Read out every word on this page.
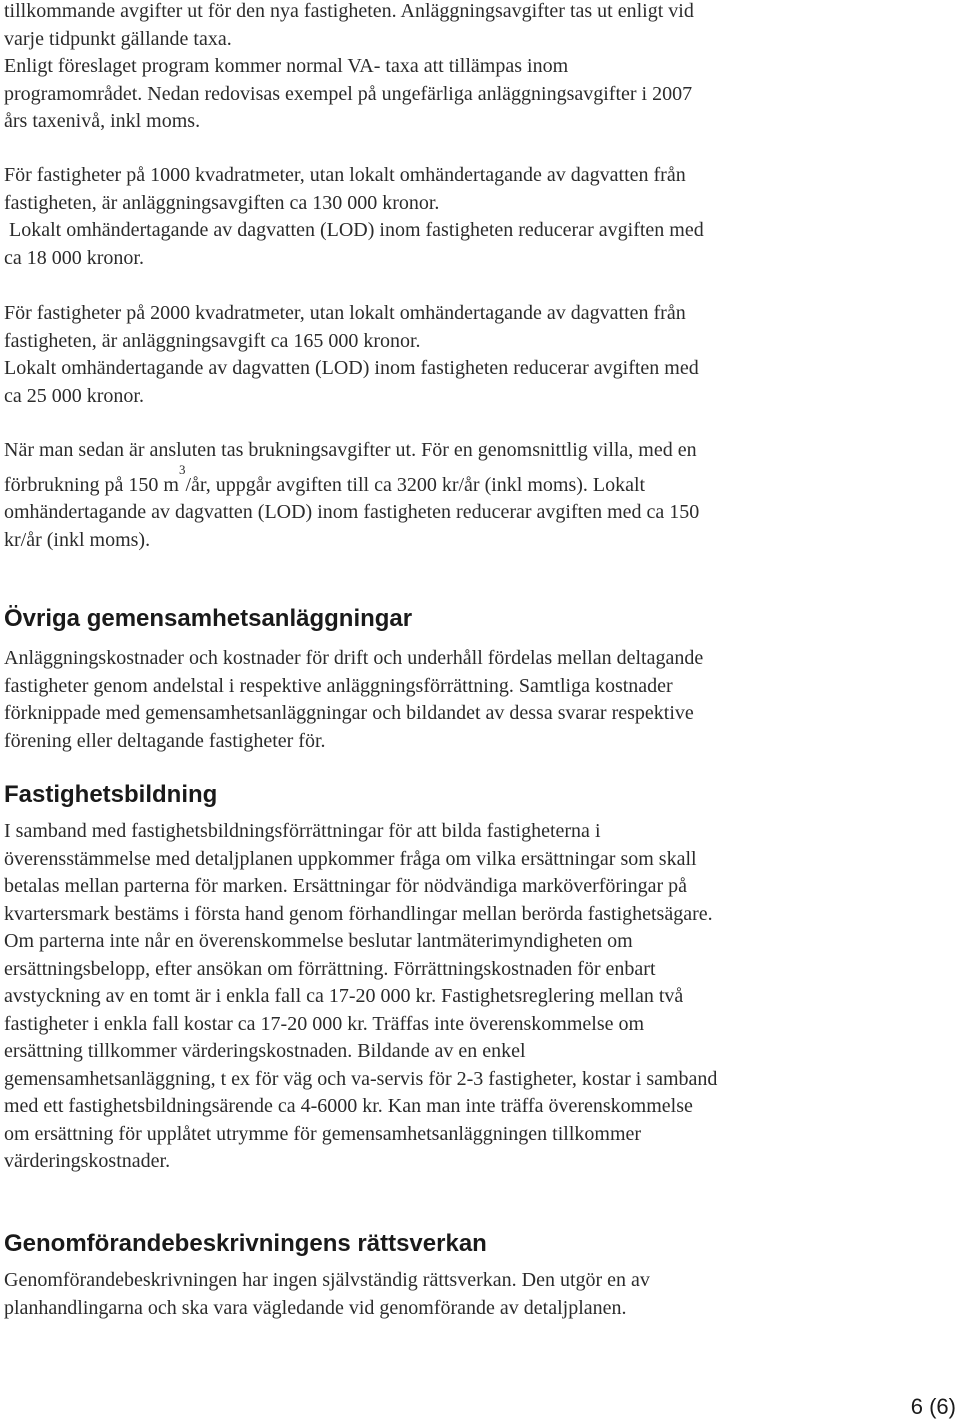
tillkommande avgifter ut för den nya fastigheten. Anläggningsavgifter tas ut enligt vid
varje tidpunkt gällande taxa.
Enligt föreslaget program kommer normal VA- taxa att tillämpas inom
programområdet. Nedan redovisas exempel på ungefärliga anläggningsavgifter i 2007
års taxenivå, inkl moms.
För fastigheter på 1000 kvadratmeter, utan lokalt omhändertagande av dagvatten från
fastigheten, är anläggningsavgiften ca 130 000 kronor.
Lokalt omhändertagande av dagvatten (LOD) inom fastigheten reducerar avgiften med
ca 18 000 kronor.
För fastigheter på 2000 kvadratmeter, utan lokalt omhändertagande av dagvatten från
fastigheten, är anläggningsavgift ca 165 000 kronor.
Lokalt omhändertagande av dagvatten (LOD) inom fastigheten reducerar avgiften med
ca 25 000 kronor.
När man sedan är ansluten tas brukningsavgifter ut. För en genomsnittlig villa, med en
förbrukning på 150 $m^3/år$, uppgår avgiften till ca 3200 kr/år (inkl moms). Lokalt
omhändertagande av dagvatten (LOD) inom fastigheten reducerar avgiften med ca 150
kr/år (inkl moms).
Övriga gemensamhetsanläggningar
Anläggningskostnader och kostnader för drift och underhåll fördelas mellan deltagande
fastigheter genom andelstal i respektive anläggningsförrättning. Samtliga kostnader
förknippade med gemensamhetsanläggningar och bildandet av dessa svarar respektive
förening eller deltagande fastigheter för.
Fastighetsbildning
I samband med fastighetsbildningsförrättningar för att bilda fastigheterna i
överensstämmelse med detaljplanen uppkommer fråga om vilka ersättningar som skall
betalas mellan parterna för marken. Ersättningar för nödvändiga marköverföringar på
kvartersmark bestäms i första hand genom förhandlingar mellan berörda fastighetsägare.
Om parterna inte når en överenskommelse beslutar lantmäterimyndigheten om
ersättningsbelopp, efter ansökan om förrättning. Förrättningskostnaden för enbart
avstyckning av en tomt är i enkla fall ca 17-20 000 kr. Fastighetsreglering mellan två
fastigheter i enkla fall kostar ca 17-20 000 kr. Träffas inte överenskommelse om
ersättning tillkommer värderingskostnaden. Bildande av en enkel
gemensamhetsanläggning, t ex för väg och va-servis för 2-3 fastigheter, kostar i samband
med ett fastighetsbildningsärende ca 4-6000 kr. Kan man inte träffa överenskommelse
om ersättning för upplåtet utrymme för gemensamhetsanläggningen tillkommer
värderingskostnader.
Genomförandebeskrivningens rättsverkan
Genomförandebeskrivningen har ingen självständig rättsverkan. Den utgör en av
planhandlingarna och ska vara vägledande vid genomförande av detaljplanen.
6 (6)
